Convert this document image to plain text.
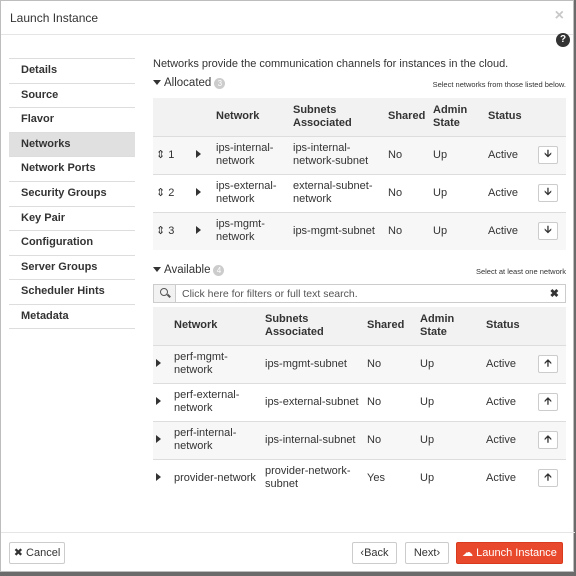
Launch Instance	×
?
Details
Source
Flavor
Networks
Network Ports
Security Groups
Key Pair
Configuration
Server Groups
Scheduler Hints
Metadata
Networks provide the communication channels for instances in the cloud.
Allocated 3	Select networks from those listed below.
		Network	Subnets Associated	Shared	Admin State	Status	
⇕ 1		ips-internal-network	ips-internal-network-subnet	No	Up	Active	🡫
⇕ 2		ips-external-network	external-subnet-network	No	Up	Active	🡫
⇕ 3		ips-mgmt-network	ips-mgmt-subnet	No	Up	Active	🡫
Available 4	Select at least one network
Click here for filters or full text search.	✖
	Network	Subnets Associated	Shared	Admin State	Status	
	perf-mgmt-network	ips-mgmt-subnet	No	Up	Active	🡩
	perf-external-network	ips-external-subnet	No	Up	Active	🡩
	perf-internal-network	ips-internal-subnet	No	Up	Active	🡩
	provider-network	provider-network-subnet	Yes	Up	Active	🡩
✖ Cancel	‹Back	Next›	☁ Launch Instance
